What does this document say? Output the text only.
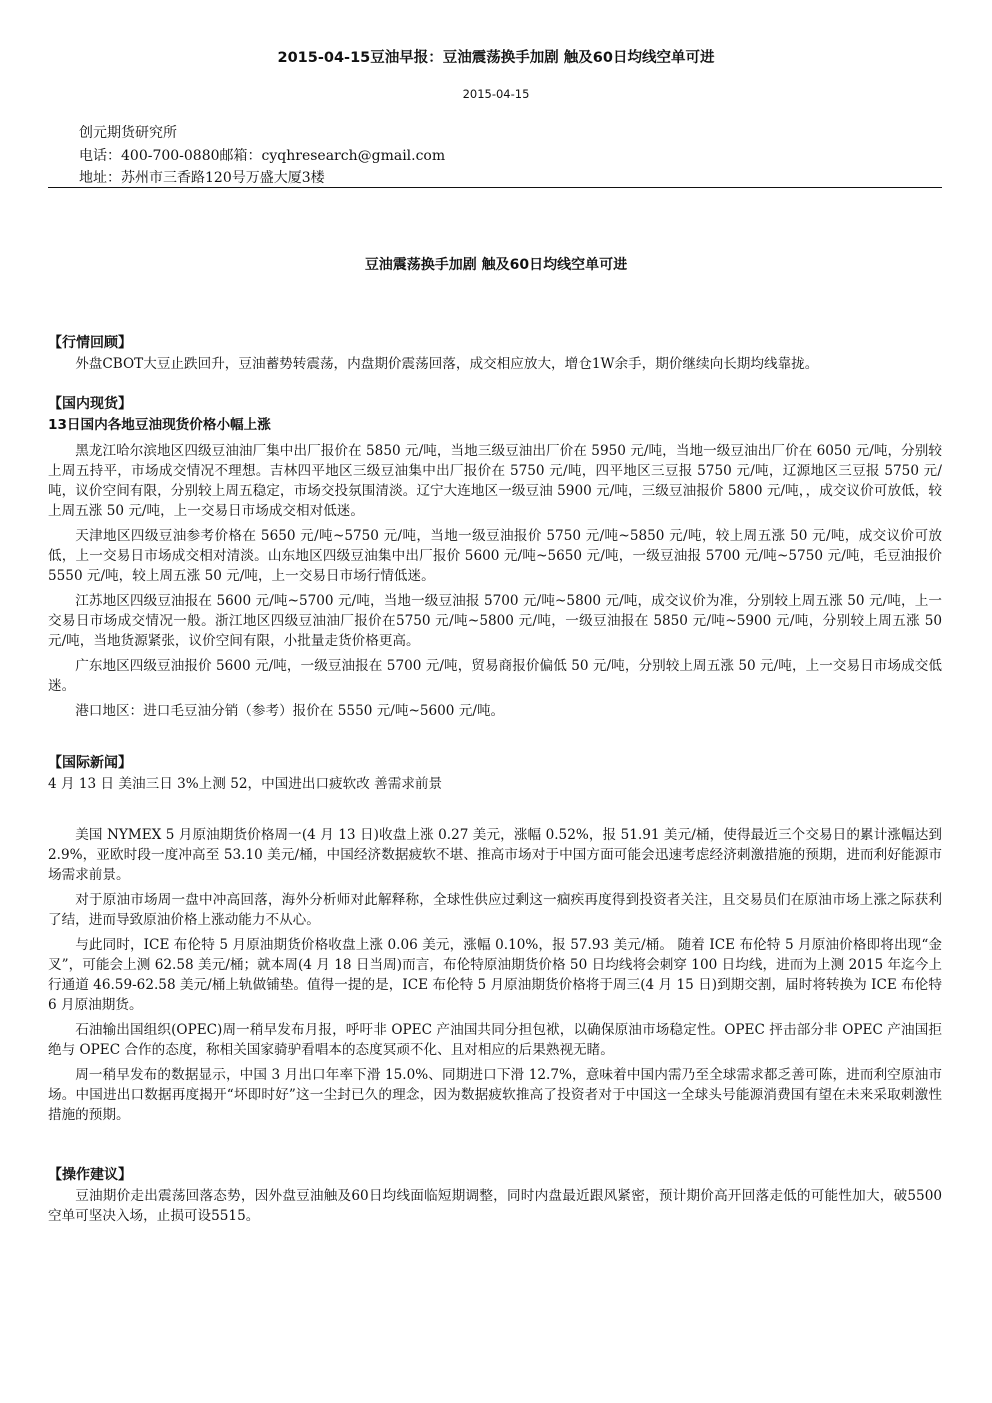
2015-04-15豆油早报：豆油震荡换手加剧 触及60日均线空单可进
2015-04-15
创元期货研究所
电话：400-700-0880邮箱：cyqhresearch@gmail.com
地址：苏州市三香路120号万盛大厦3楼
豆油震荡换手加剧 触及60日均线空单可进
【行情回顾】

外盘CBOT大豆止跌回升，豆油蓄势转震荡，内盘期价震荡回落，成交相应放大，增仓1W余手，期价继续向长期均线靠拢。

【国内现货】
13日国内各地豆油现货价格小幅上涨

黑龙江哈尔滨地区四级豆油油厂集中出厂报价在 5850 元/吨，当地三级豆油出厂价在 5950 元/吨，当地一级豆油出厂价在 6050 元/吨，分别较上周五持平，市场成交情况不理想。吉林四平地区三级豆油集中出厂报价在 5750 元/吨，四平地区三豆报 5750 元/吨，辽源地区三豆报 5750 元/吨，议价空间有限，分别较上周五稳定，市场交投氛围清淡。辽宁大连地区一级豆油 5900 元/吨，三级豆油报价 5800 元/吨，，成交议价可放低，较上周五涨 50 元/吨，上一交易日市场成交相对低迷。

天津地区四级豆油参考价格在 5650 元/吨~5750 元/吨，当地一级豆油报价 5750 元/吨~5850 元/吨，较上周五涨 50 元/吨，成交议价可放低，上一交易日市场成交相对清淡。山东地区四级豆油集中出厂报价 5600 元/吨~5650 元/吨，一级豆油报 5700 元/吨~5750 元/吨，毛豆油报价 5550 元/吨，较上周五涨 50 元/吨，上一交易日市场行情低迷。

江苏地区四级豆油报在 5600 元/吨~5700 元/吨，当地一级豆油报 5700 元/吨~5800 元/吨，成交议价为准，分别较上周五涨 50 元/吨，上一交易日市场成交情况一般。浙江地区四级豆油油厂报价在5750 元/吨~5800 元/吨，一级豆油报在 5850 元/吨~5900 元/吨，分别较上周五涨 50 元/吨，当地货源紧张，议价空间有限，小批量走货价格更高。

广东地区四级豆油报价 5600 元/吨，一级豆油报在 5700 元/吨，贸易商报价偏低 50 元/吨，分别较上周五涨 50 元/吨，上一交易日市场成交低迷。

港口地区：进口毛豆油分销（参考）报价在 5550 元/吨~5600 元/吨。

【国际新闻】

4 月 13 日 美油三日 3%上测 52，中国进出口疲软改 善需求前景

美国 NYMEX 5 月原油期货价格周一(4 月 13 日)收盘上涨 0.27 美元，涨幅 0.52%，报 51.91 美元/桶，使得最近三个交易日的累计涨幅达到 2.9%，亚欧时段一度冲高至 53.10 美元/桶，中国经济数据疲软不堪、推高市场对于中国方面可能会迅速考虑经济刺激措施的预期，进而利好能源市场需求前景。

对于原油市场周一盘中冲高回落，海外分析师对此解释称，全球性供应过剩这一痼疾再度得到投资者关注，且交易员们在原油市场上涨之际获利了结，进而导致原油价格上涨动能力不从心。

与此同时，ICE 布伦特 5 月原油期货价格收盘上涨 0.06 美元，涨幅 0.10%，报 57.93 美元/桶。 随着 ICE 布伦特 5 月原油价格即将出现“金叉”，可能会上测 62.58 美元/桶；就本周(4 月 18 日当周)而言，布伦特原油期货价格 50 日均线将会刺穿 100 日均线，进而为上测 2015 年迄今上行通道 46.59-62.58 美元/桶上轨做铺垫。值得一提的是，ICE 布伦特 5 月原油期货价格将于周三(4 月 15 日)到期交割，届时将转换为 ICE 布伦特 6 月原油期货。

石油输出国组织(OPEC)周一稍早发布月报，呼吁非 OPEC 产油国共同分担包袱，以确保原油市场稳定性。OPEC 抨击部分非 OPEC 产油国拒绝与 OPEC 合作的态度，称相关国家骑驴看唱本的态度冥顽不化、且对相应的后果熟视无睹。

周一稍早发布的数据显示，中国 3 月出口年率下滑 15.0%、同期进口下滑 12.7%，意味着中国内需乃至全球需求都乏善可陈，进而利空原油市场。中国进出口数据再度揭开“坏即时好”这一尘封已久的理念，因为数据疲软推高了投资者对于中国这一全球头号能源消费国有望在未来采取刺激性措施的预期。

【操作建议】

豆油期价走出震荡回落态势，因外盘豆油触及60日均线面临短期调整，同时内盘最近跟风紧密，预计期价高开回落走低的可能性加大，破5500空单可坚决入场，止损可设5515。
